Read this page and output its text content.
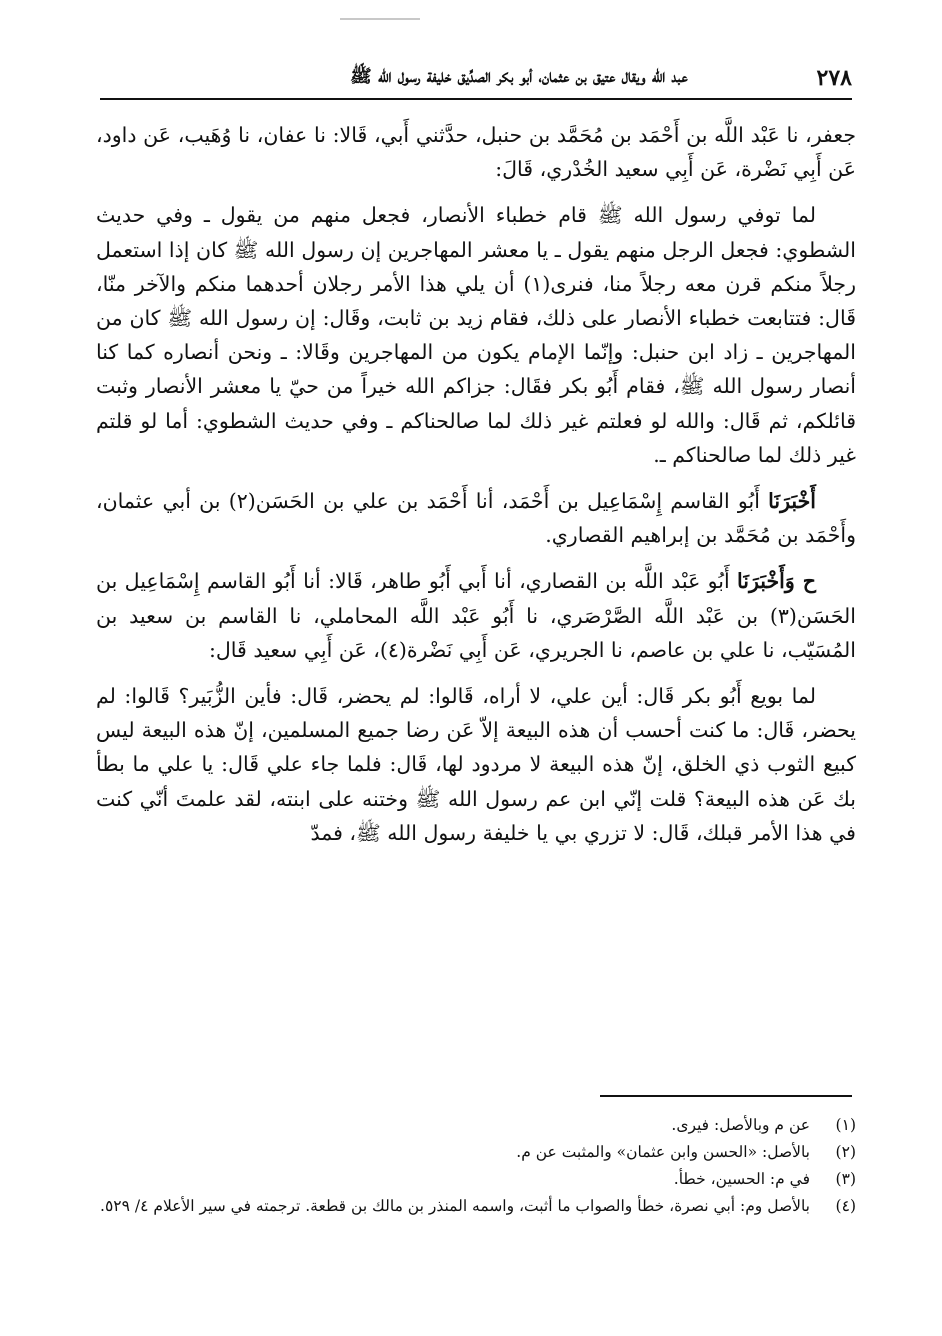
٢٧٨
عبد الله ويقال عتيق بن عثمان، أبو بكر الصدِّيق خليفة رسول الله ﷺ

جعفر، نا عَبْد اللَّه بن أَحْمَد بن مُحَمَّد بن حنبل، حدَّثني أَبي، قَالا: نا عفان، نا وُهَيب، عَن داود، عَن أَبِي نَضْرة، عَن أَبِي سعيد الخُدْري، قَالَ:

لما توفي رسول الله ﷺ قام خطباء الأنصار، فجعل منهم من يقول ـ وفي حديث الشطوي: فجعل الرجل منهم يقول ـ يا معشر المهاجرين إن رسول الله ﷺ كان إذا استعمل رجلاً منكم قرن معه رجلاً منا، فنرى(١) أن يلي هذا الأمر رجلان أحدهما منكم والآخر منّا، قَال: فتتابعت خطباء الأنصار على ذلك، فقام زيد بن ثابت، وقَال: إن رسول الله ﷺ كان من المهاجرين ـ زاد ابن حنبل: وإنّما الإمام يكون من المهاجرين وقَالا: ـ ونحن أنصاره كما كنا أنصار رسول الله ﷺ، فقام أَبُو بكر فقَال: جزاكم الله خيراً من حيّ يا معشر الأنصار وثبت قائلكم، ثم قَال: والله لو فعلتم غير ذلك لما صالحناكم ـ وفي حديث الشطوي: أما لو قلتم غير ذلك لما صالحناكم ـ.

أَخْبَرَنَا أَبُو القاسم إِسْمَاعِيل بن أَحْمَد، أنا أَحْمَد بن علي بن الحَسَن(٢) بن أبي عثمان، وأَحْمَد بن مُحَمَّد بن إبراهيم القصاري.

ح وَأَخْبَرَنَا أَبُو عَبْد اللَّه بن القصاري، أنا أَبي أَبُو طاهر، قَالا: أنا أَبُو القاسم إِسْمَاعِيل بن الحَسَن(٣) بن عَبْد اللَّه الصَّرْصَري، نا أَبُو عَبْد اللَّه المحاملي، نا القاسم بن سعيد بن المُسَيّب، نا علي بن عاصم، نا الجريري، عَن أَبِي نَضْرة(٤)، عَن أَبِي سعيد قَال:

لما بويع أَبُو بكر قَال: أين علي، لا أراه، قَالوا: لم يحضر، قَال: فأين الزُّبَير؟ قَالوا: لم يحضر، قَال: ما كنت أحسب أن هذه البيعة إلاّ عَن رضا جميع المسلمين، إنّ هذه البيعة ليس كبيع الثوب ذي الخلق، إنّ هذه البيعة لا مردود لها، قَال: فلما جاء علي قَال: يا علي ما بطأ بك عَن هذه البيعة؟ قلت إنّي ابن عم رسول الله ﷺ وختنه على ابنته، لقد علمتَ أنّي كنت في هذا الأمر قبلك، قَال: لا تزري بي يا خليفة رسول الله ﷺ، فمدّ

(١)
عن م وبالأصل: فيرى.
(٢)
بالأصل: «الحسن وابن عثمان» والمثبت عن م.
(٣)
في م: الحسين، خطأ.
(٤)
بالأصل وم: أبي نصرة، خطأ والصواب ما أثبت، واسمه المنذر بن مالك بن قطعة. ترجمته في سير الأعلام ٤/ ٥٢٩.
